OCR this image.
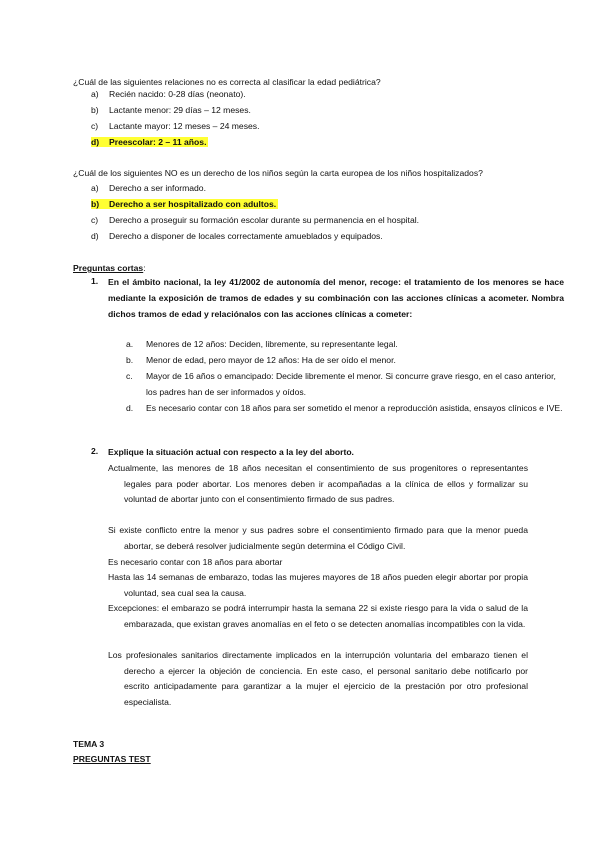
¿Cuál de las siguientes relaciones no es correcta al clasificar la edad pediátrica?
a) Recién nacido: 0-28 días (neonato).
b) Lactante menor: 29 días – 12 meses.
c) Lactante mayor: 12 meses – 24 meses.
d) Preescolar: 2 – 11 años.
¿Cuál de los siguientes NO es un derecho de los niños según la carta europea de los niños hospitalizados?
a) Derecho a ser informado.
b) Derecho a ser hospitalizado con adultos.
c) Derecho a proseguir su formación escolar durante su permanencia en el hospital.
d) Derecho a disponer de locales correctamente amueblados y equipados.
Preguntas cortas:
1. En el ámbito nacional, la ley 41/2002 de autonomía del menor, recoge: el tratamiento de los menores se hace mediante la exposición de tramos de edades y su combinación con las acciones clínicas a acometer. Nombra dichos tramos de edad y relaciónalos con las acciones clínicas a cometer:
a. Menores de 12 años: Deciden, libremente, su representante legal.
b. Menor de edad, pero mayor de 12 años: Ha de ser oído el menor.
c. Mayor de 16 años o emancipado: Decide libremente el menor. Si concurre grave riesgo, en el caso anterior, los padres han de ser informados y oídos.
d. Es necesario contar con 18 años para ser sometido el menor a reproducción asistida, ensayos clínicos e IVE.
2. Explique la situación actual con respecto a la ley del aborto.
Actualmente, las menores de 18 años necesitan el consentimiento de sus progenitores o representantes legales para poder abortar. Los menores deben ir acompañadas a la clínica de ellos y formalizar su voluntad de abortar junto con el consentimiento firmado de sus padres.
Si existe conflicto entre la menor y sus padres sobre el consentimiento firmado para que la menor pueda abortar, se deberá resolver judicialmente según determina el Código Civil.
Es necesario contar con 18 años para abortar
Hasta las 14 semanas de embarazo, todas las mujeres mayores de 18 años pueden elegir abortar por propia voluntad, sea cual sea la causa.
Excepciones: el embarazo se podrá interrumpir hasta la semana 22 si existe riesgo para la vida o salud de la embarazada, que existan graves anomalías en el feto o se detecten anomalías incompatibles con la vida.
Los profesionales sanitarios directamente implicados en la interrupción voluntaria del embarazo tienen el derecho a ejercer la objeción de conciencia. En este caso, el personal sanitario debe notificarlo por escrito anticipadamente para garantizar a la mujer el ejercicio de la prestación por otro profesional especialista.
TEMA 3
PREGUNTAS TEST
